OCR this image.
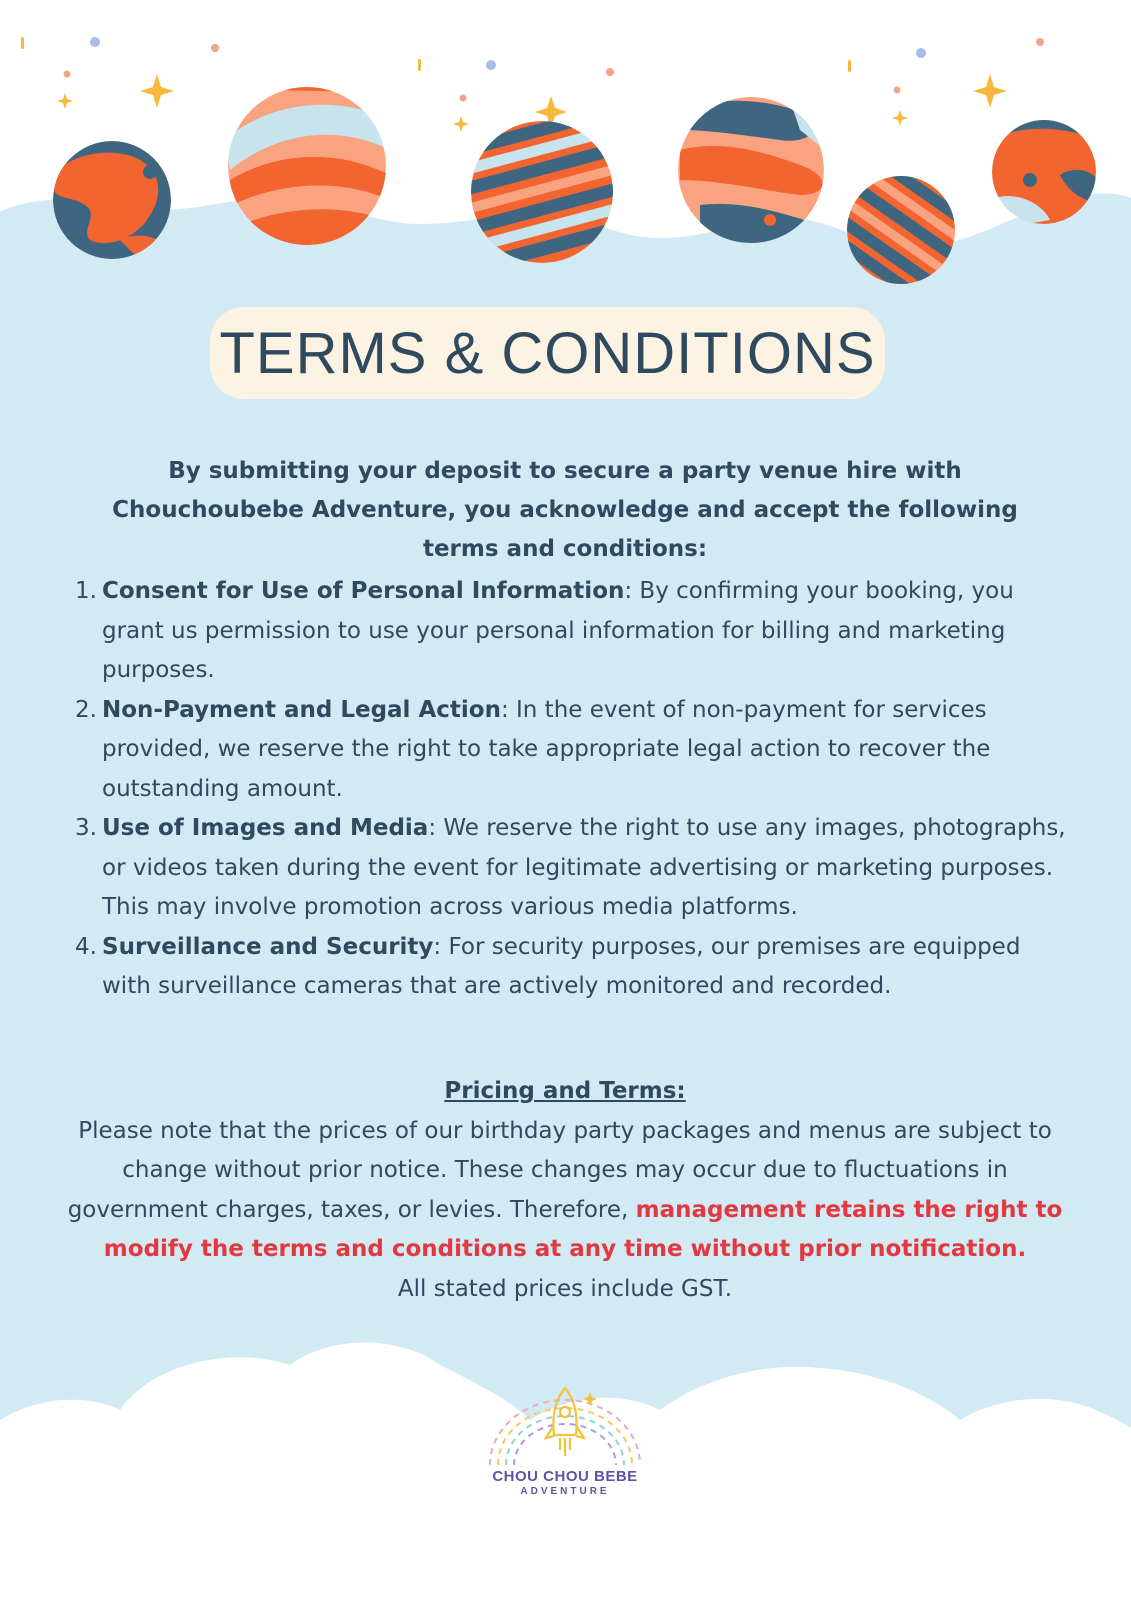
TERMS & CONDITIONS
By submitting your deposit to secure a party venue hire with Chouchoubebe Adventure, you acknowledge and accept the following terms and conditions:
1. Consent for Use of Personal Information: By confirming your booking, you grant us permission to use your personal information for billing and marketing purposes.
2. Non-Payment and Legal Action: In the event of non-payment for services provided, we reserve the right to take appropriate legal action to recover the outstanding amount.
3. Use of Images and Media: We reserve the right to use any images, photographs, or videos taken during the event for legitimate advertising or marketing purposes. This may involve promotion across various media platforms.
4. Surveillance and Security: For security purposes, our premises are equipped with surveillance cameras that are actively monitored and recorded.
Pricing and Terms:
Please note that the prices of our birthday party packages and menus are subject to change without prior notice. These changes may occur due to fluctuations in government charges, taxes, or levies. Therefore, management retains the right to modify the terms and conditions at any time without prior notification.
All stated prices include GST.
CHOU CHOU BEBE
ADVENTURE
